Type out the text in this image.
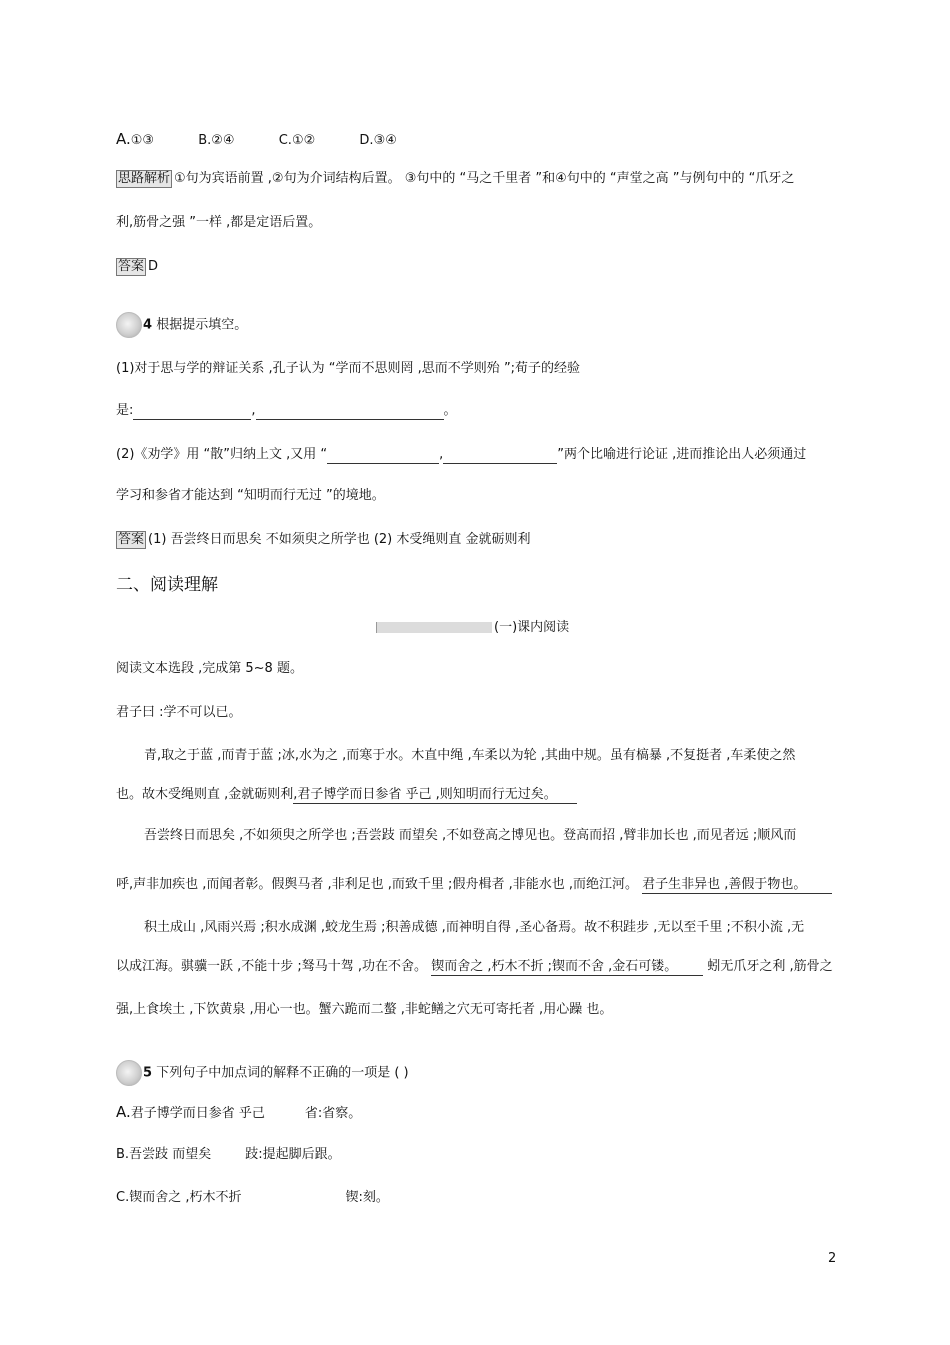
A.①③	B.②④	C.①②	D.③④
思路解析 ①句为宾语前置 ,②句为介词结构后置。 ③句中的 “马之千里者 ”和④句中的 “声堂之高 ”与例句中的 “爪牙之
利,筋骨之强 ”一样 ,都是定语后置。
答案 D
4 根据提示填空。
(1)对于思与学的辩证关系 ,孔子认为 “学而不思则罔 ,思而不学则殆 ”;荀子的经验
是:	,	。
(2)《劝学》用 “散”归纳上文 ,又用 “	,	”两个比喻进行论证 ,进而推论出人必须通过
学习和参省才能达到 “知明而行无过 ”的境地。
答案 (1) 吾尝终日而思矣 不如须臾之所学也 (2) 木受绳则直 金就砺则利
二、阅读理解
(一)课内阅读
阅读文本选段 ,完成第 5~8 题。
君子曰 :学不可以已。
青,取之于蓝 ,而青于蓝 ;冰,水为之 ,而寒于水。木直中绳 ,车柔以为轮 ,其曲中规。虽有槁暴 ,不复挺者 ,车柔使之然
也。故木受绳则直 ,金就砺则利,君子博学而日参省 乎己 ,则知明而行无过矣。
吾尝终日而思矣 ,不如须臾之所学也 ;吾尝跂 而望矣 ,不如登高之博见也。登高而招 ,臂非加长也 ,而见者远 ;顺风而
呼,声非加疾也 ,而闻者彰。假舆马者 ,非利足也 ,而致千里 ;假舟楫者 ,非能水也 ,而绝江河。 君子生非异也 ,善假于物也。
积土成山 ,风雨兴焉 ;积水成渊 ,蛟龙生焉 ;积善成德 ,而神明自得 ,圣心备焉。故不积跬步 ,无以至千里 ;不积小流 ,无
以成江海。骐骥一跃 ,不能十步 ;驽马十驾 ,功在不舍。 锲而舍之 ,朽木不折 ;锲而不舍 ,金石可镂。 蚓无爪牙之利 ,筋骨之
强,上食埃土 ,下饮黄泉 ,用心一也。蟹六跪而二螯 ,非蛇鳝之穴无可寄托者 ,用心躁 也。
5 下列句子中加点词的解释不正确的一项是 ( )
A.君子博学而日参省 乎己	省:省察。
B.吾尝跂 而望矣	跂:提起脚后跟。
C.锲而舍之 ,朽木不折	锲:刻。
2
